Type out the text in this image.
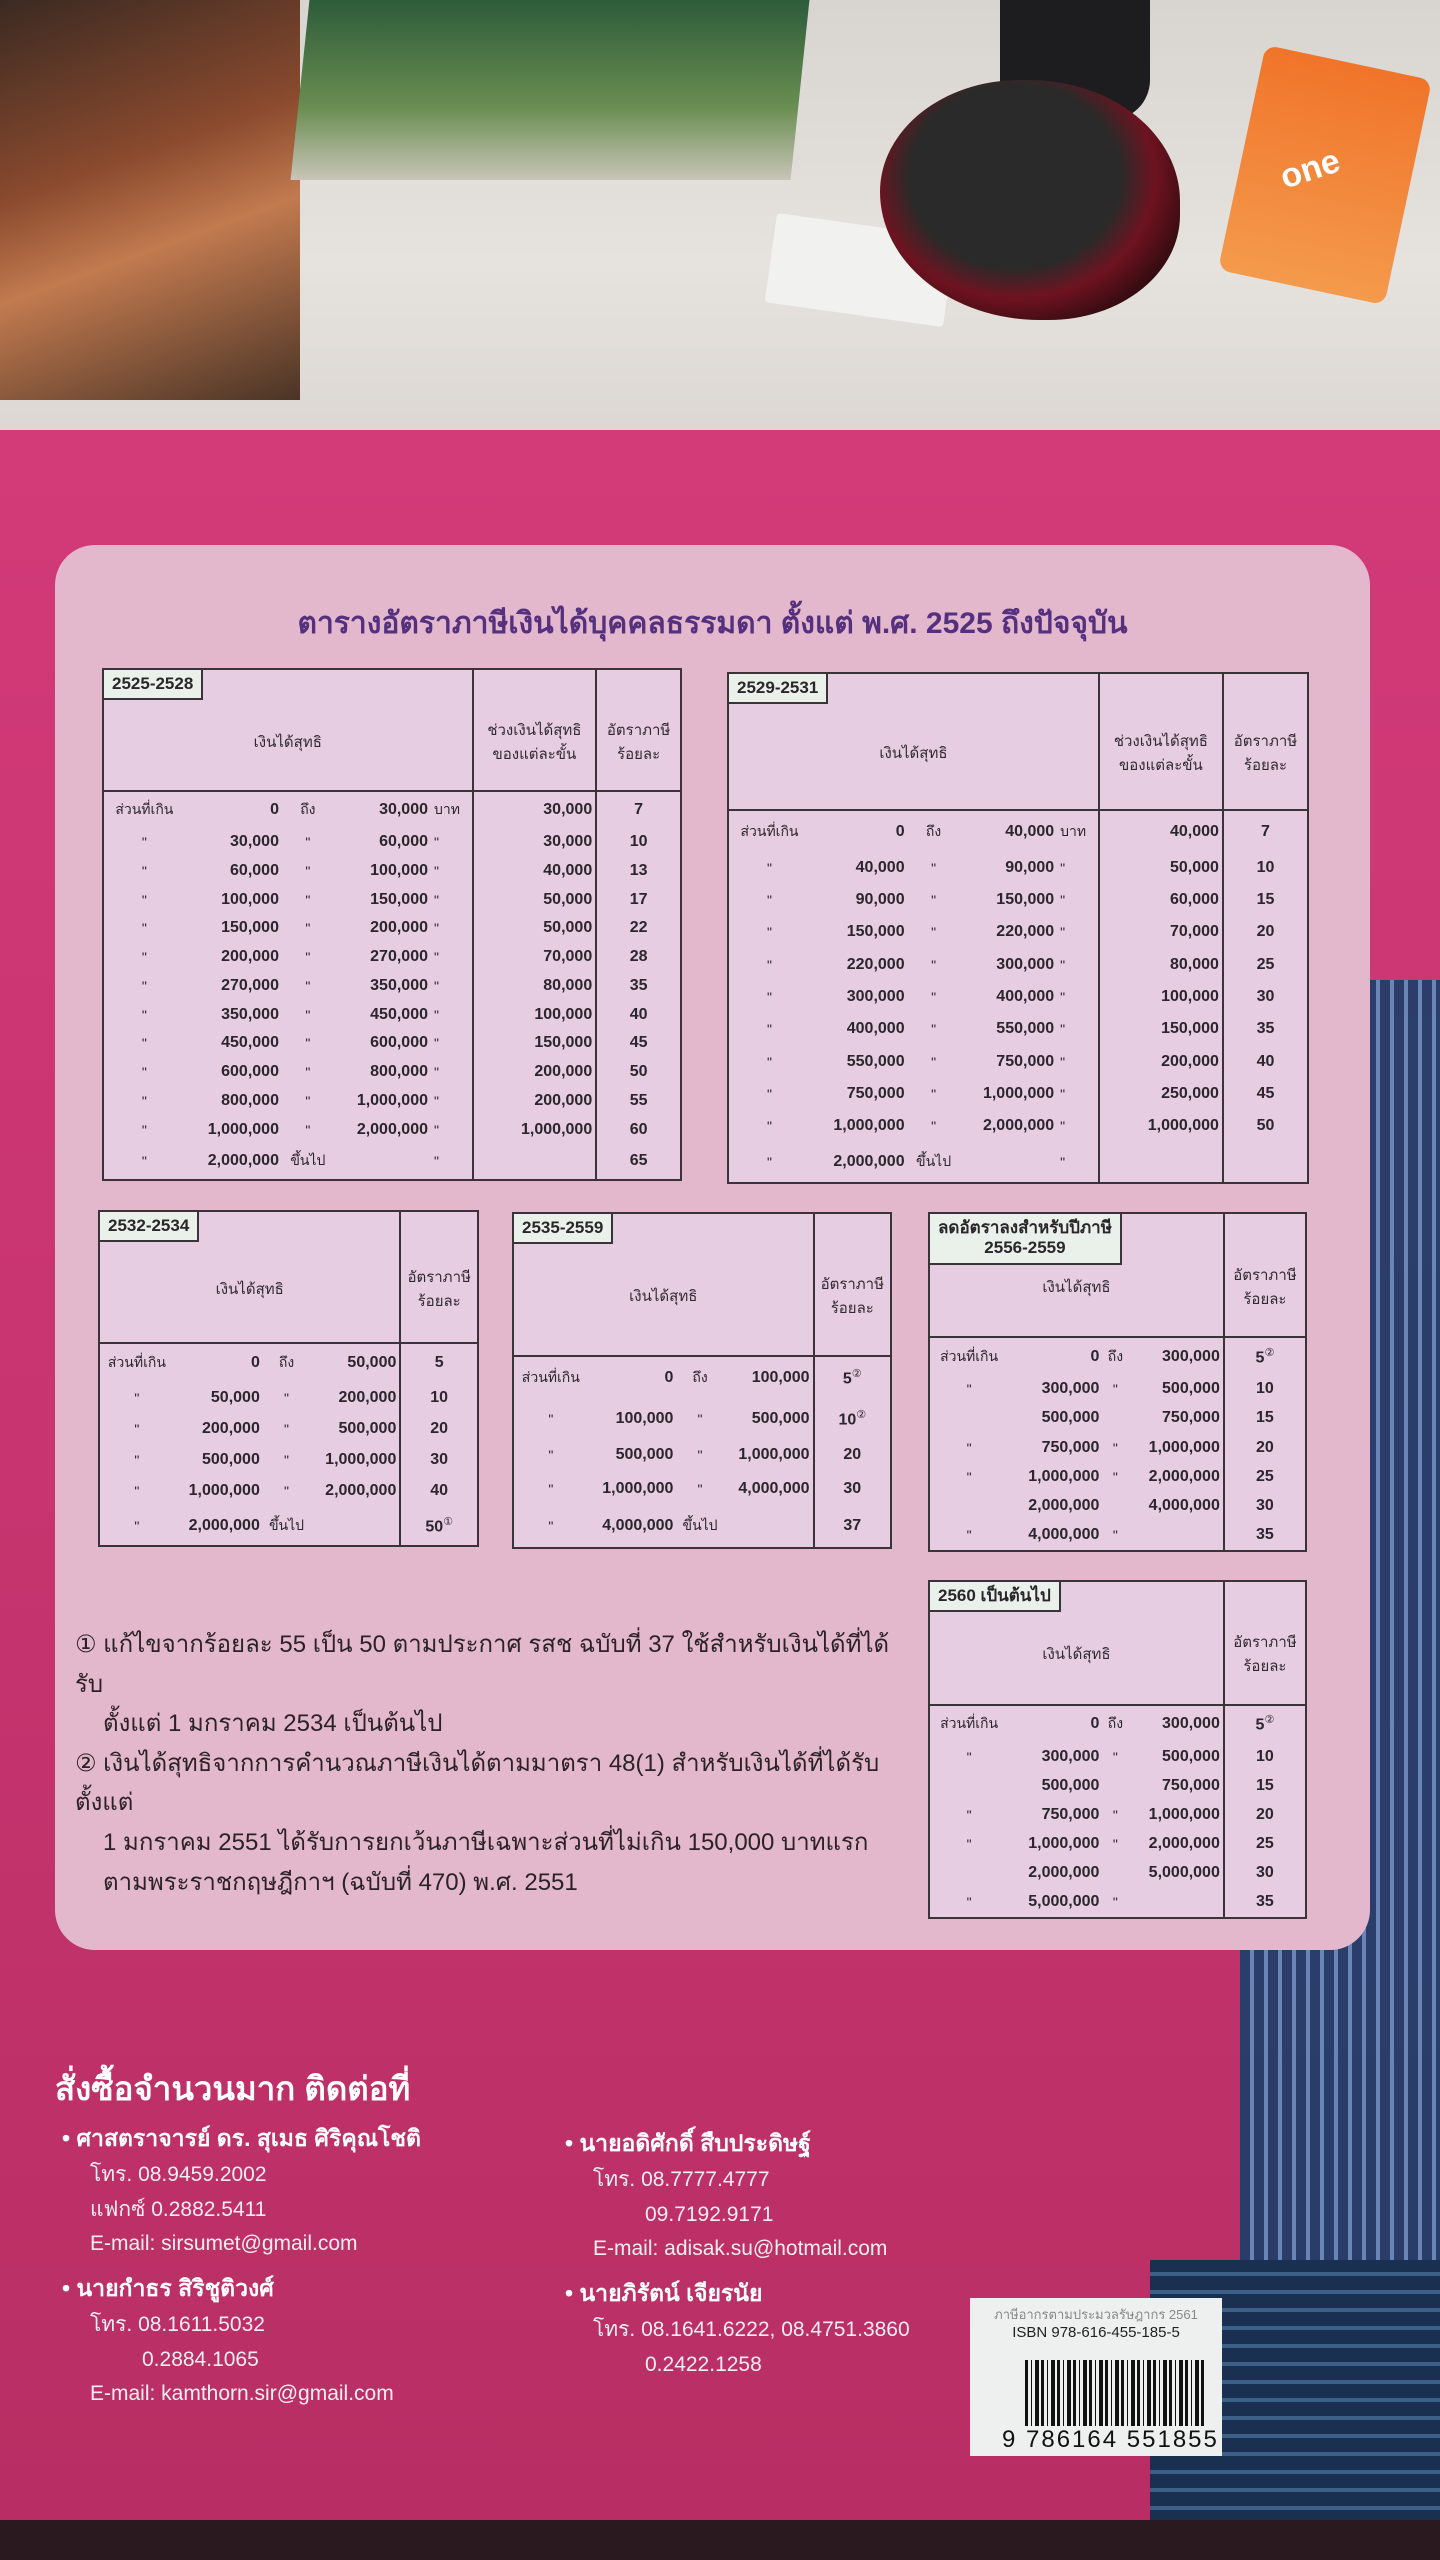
one
ตารางอัตราภาษีเงินได้บุคคลธรรมดา ตั้งแต่ พ.ศ. 2525 ถึงปัจจุบัน
2525-2528
เงินได้สุทธิ					ช่วงเงินได้สุทธิ
ของแต่ละขั้น	อัตราภาษี
ร้อยละ
ส่วนที่เกิน	0	ถึง	30,000	บาท	30,000	7
"	30,000	"	60,000	"	30,000	10
"	60,000	"	100,000	"	40,000	13
"	100,000	"	150,000	"	50,000	17
"	150,000	"	200,000	"	50,000	22
"	200,000	"	270,000	"	70,000	28
"	270,000	"	350,000	"	80,000	35
"	350,000	"	450,000	"	100,000	40
"	450,000	"	600,000	"	150,000	45
"	600,000	"	800,000	"	200,000	50
"	800,000	"	1,000,000	"	200,000	55
"	1,000,000	"	2,000,000	"	1,000,000	60
"	2,000,000	ขึ้นไป		"		65
2529-2531
เงินได้สุทธิ					ช่วงเงินได้สุทธิ
ของแต่ละขั้น	อัตราภาษี
ร้อยละ
ส่วนที่เกิน	0	ถึง	40,000	บาท	40,000	7
"	40,000	"	90,000	"	50,000	10
"	90,000	"	150,000	"	60,000	15
"	150,000	"	220,000	"	70,000	20
"	220,000	"	300,000	"	80,000	25
"	300,000	"	400,000	"	100,000	30
"	400,000	"	550,000	"	150,000	35
"	550,000	"	750,000	"	200,000	40
"	750,000	"	1,000,000	"	250,000	45
"	1,000,000	"	2,000,000	"	1,000,000	50
"	2,000,000	ขึ้นไป		"		
2532-2534
เงินได้สุทธิ				อัตราภาษี
ร้อยละ
ส่วนที่เกิน	0	ถึง	50,000	5
"	50,000	"	200,000	10
"	200,000	"	500,000	20
"	500,000	"	1,000,000	30
"	1,000,000	"	2,000,000	40
"	2,000,000	ขึ้นไป		50①
2535-2559
เงินได้สุทธิ				อัตราภาษี
ร้อยละ
ส่วนที่เกิน	0	ถึง	100,000	5②
"	100,000	"	500,000	10②
"	500,000	"	1,000,000	20
"	1,000,000	"	4,000,000	30
"	4,000,000	ขึ้นไป		37
ลดอัตราลงสำหรับปีภาษี
2556-2559
เงินได้สุทธิ				อัตราภาษี
ร้อยละ
ส่วนที่เกิน	0	ถึง	300,000	5②
"	300,000	"	500,000	10
	500,000		750,000	15
"	750,000	"	1,000,000	20
"	1,000,000	"	2,000,000	25
	2,000,000		4,000,000	30
"	4,000,000	"		35
2560 เป็นต้นไป
เงินได้สุทธิ				อัตราภาษี
ร้อยละ
ส่วนที่เกิน	0	ถึง	300,000	5②
"	300,000	"	500,000	10
	500,000		750,000	15
"	750,000	"	1,000,000	20
"	1,000,000	"	2,000,000	25
	2,000,000		5,000,000	30
"	5,000,000	"		35

① แก้ไขจากร้อยละ 55 เป็น 50 ตามประกาศ รสช ฉบับที่ 37 ใช้สำหรับเงินได้ที่ได้รับ

ตั้งแต่ 1 มกราคม 2534 เป็นต้นไป

② เงินได้สุทธิจากการคำนวณภาษีเงินได้ตามมาตรา 48(1) สำหรับเงินได้ที่ได้รับตั้งแต่

1 มกราคม 2551 ได้รับการยกเว้นภาษีเฉพาะส่วนที่ไม่เกิน 150,000 บาทแรก

ตามพระราชกฤษฎีกาฯ (ฉบับที่ 470) พ.ศ. 2551

สั่งซื้อจำนวนมาก ติดต่อที่
• ศาสตราจารย์ ดร. สุเมธ ศิริคุณโชติ
โทร. 08.9459.2002
แฟกซ์ 0.2882.5411
E-mail: sirsumet@gmail.com
• นายกำธร สิริชูติวงศ์
โทร. 08.1611.5032
0.2884.1065
E-mail: kamthorn.sir@gmail.com
• นายอดิศักดิ์ สืบประดิษฐ์
โทร. 08.7777.4777
09.7192.9171
E-mail: adisak.su@hotmail.com
• นายภิรัตน์ เจียรนัย
โทร. 08.1641.6222, 08.4751.3860
0.2422.1258
ภาษีอากรตามประมวลรัษฎากร 2561
ISBN 978-616-455-185-5
9 786164 551855
